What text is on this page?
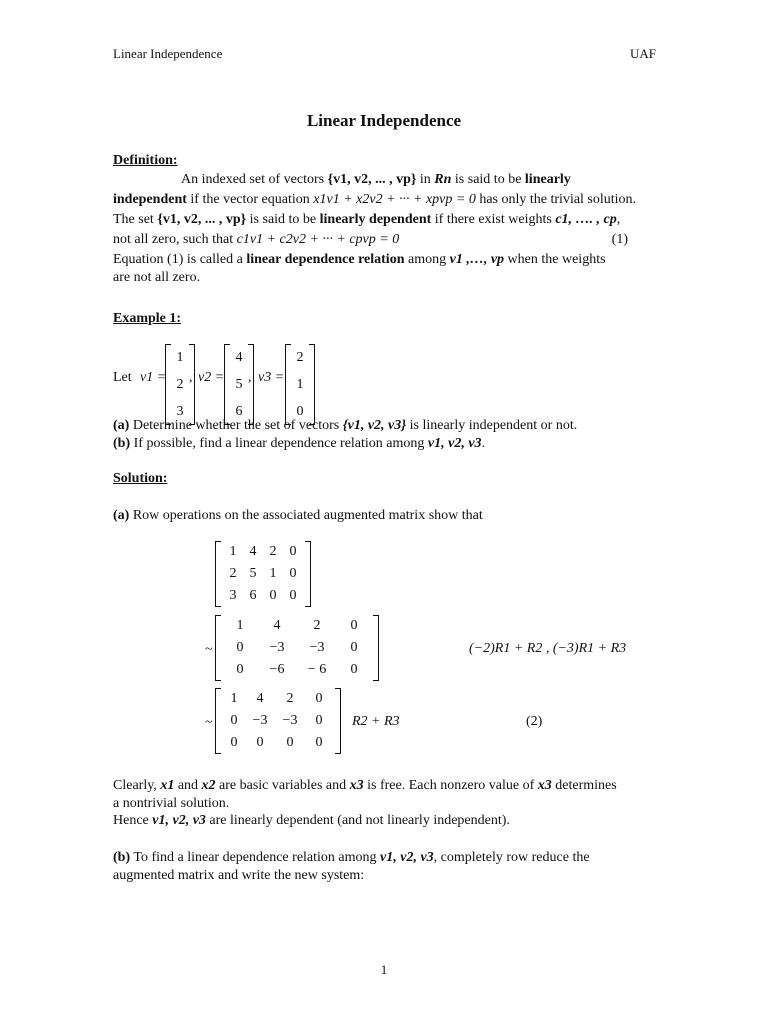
Linear Independence	UAF
Linear Independence
Definition:
An indexed set of vectors {v1, v2, ... , vp} in Rn is said to be linearly
independent if the vector equation x1v1 + x2v2 + ··· + xpvp = 0 has only the trivial solution.
The set {v1, v2, ... , vp} is said to be linearly dependent if there exist weights c1, …. , cp,
not all zero, such that c1v1 + c2v2 + ··· + cpvp = 0	(1)
Equation (1) is called a linear dependence relation among v1 ,…, vp when the weights
are not all zero.
Example 1:
Let v1 =
1
2
3
, v2 =
4
5
6
, v3 =
2
1
0
(a) Determine whether the set of vectors {v1, v2, v3} is linearly independent or not.
(b) If possible, find a linear dependence relation among v1, v2, v3.
Solution:
(a) Row operations on the associated augmented matrix show that
1 4 2 0
2 5 1 0
3 6 0 0
~
1 4 2 0
0 −3 −3 0
0 −6 − 6 0
(−2)R1 + R2 , (−3)R1 + R3
~
1 4 2 0
0 −3 −3 0
0 0 0 0
R2 + R3	(2)
Clearly, x1 and x2 are basic variables and x3 is free. Each nonzero value of x3 determines
a nontrivial solution.
Hence v1, v2, v3 are linearly dependent (and not linearly independent).
(b) To find a linear dependence relation among v1, v2, v3, completely row reduce the
augmented matrix and write the new system:
1
